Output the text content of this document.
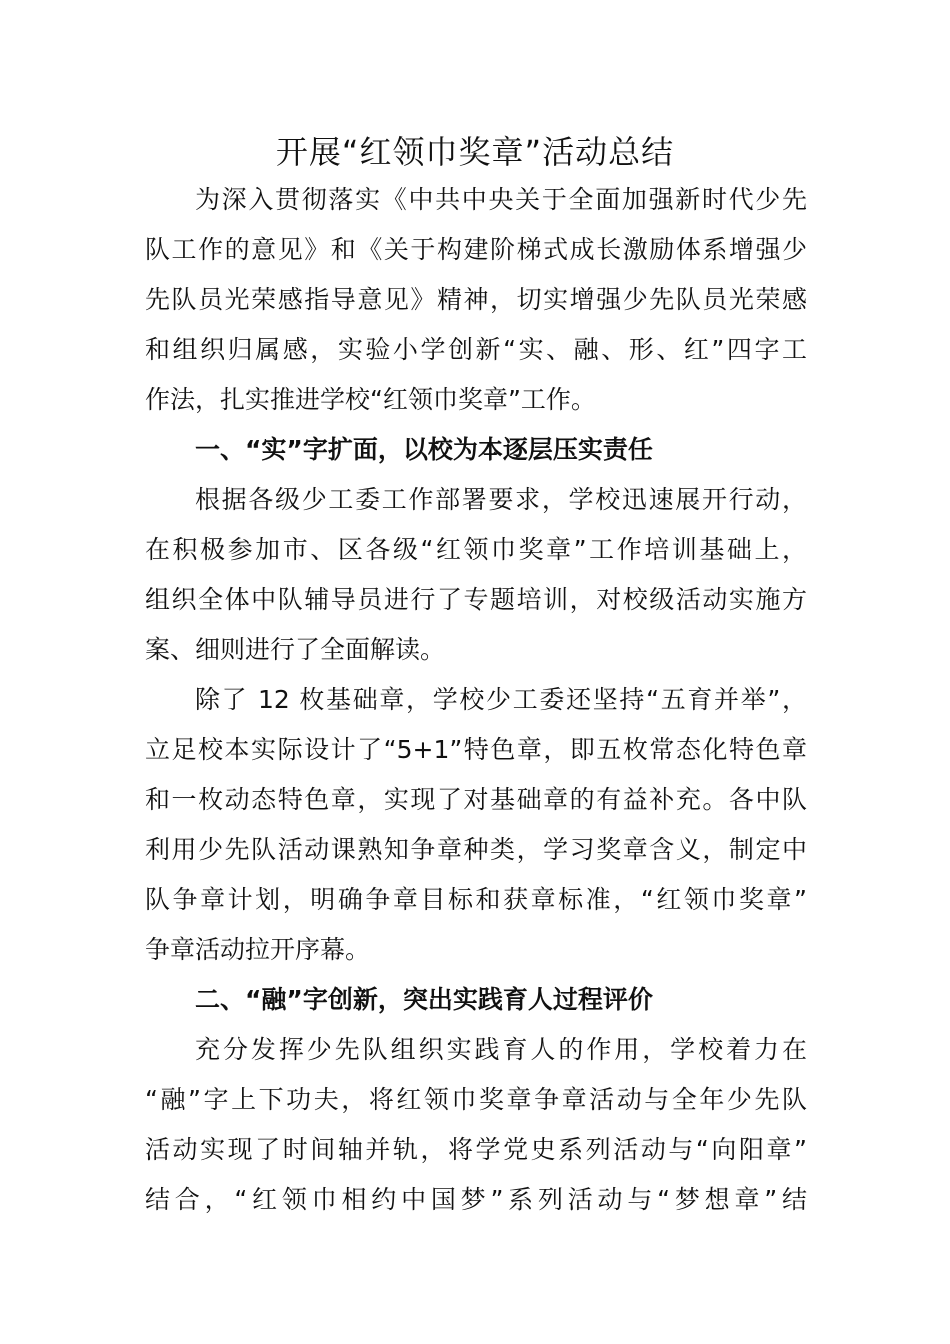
开展“红领巾奖章”活动总结
为深入贯彻落实《中共中央关于全面加强新时代少先
队工作的意见》和《关于构建阶梯式成长激励体系增强少
先队员光荣感指导意见》精神，切实增强少先队员光荣感
和组织归属感，实验小学创新“实、融、形、红”四字工
作法，扎实推进学校“红领巾奖章”工作。
一、“实”字扩面，以校为本逐层压实责任
根据各级少工委工作部署要求，学校迅速展开行动，
在积极参加市、区各级“红领巾奖章”工作培训基础上，
组织全体中队辅导员进行了专题培训，对校级活动实施方
案、细则进行了全面解读。
除了 12 枚基础章，学校少工委还坚持“五育并举”，
立足校本实际设计了“5+1”特色章，即五枚常态化特色章
和一枚动态特色章，实现了对基础章的有益补充。各中队
利用少先队活动课熟知争章种类，学习奖章含义，制定中
队争章计划，明确争章目标和获章标准，“红领巾奖章”
争章活动拉开序幕。
二、“融”字创新，突出实践育人过程评价
充分发挥少先队组织实践育人的作用，学校着力在
“融”字上下功夫，将红领巾奖章争章活动与全年少先队
活动实现了时间轴并轨，将学党史系列活动与“向阳章”
结合，“红领巾相约中国梦”系列活动与“梦想章”结
